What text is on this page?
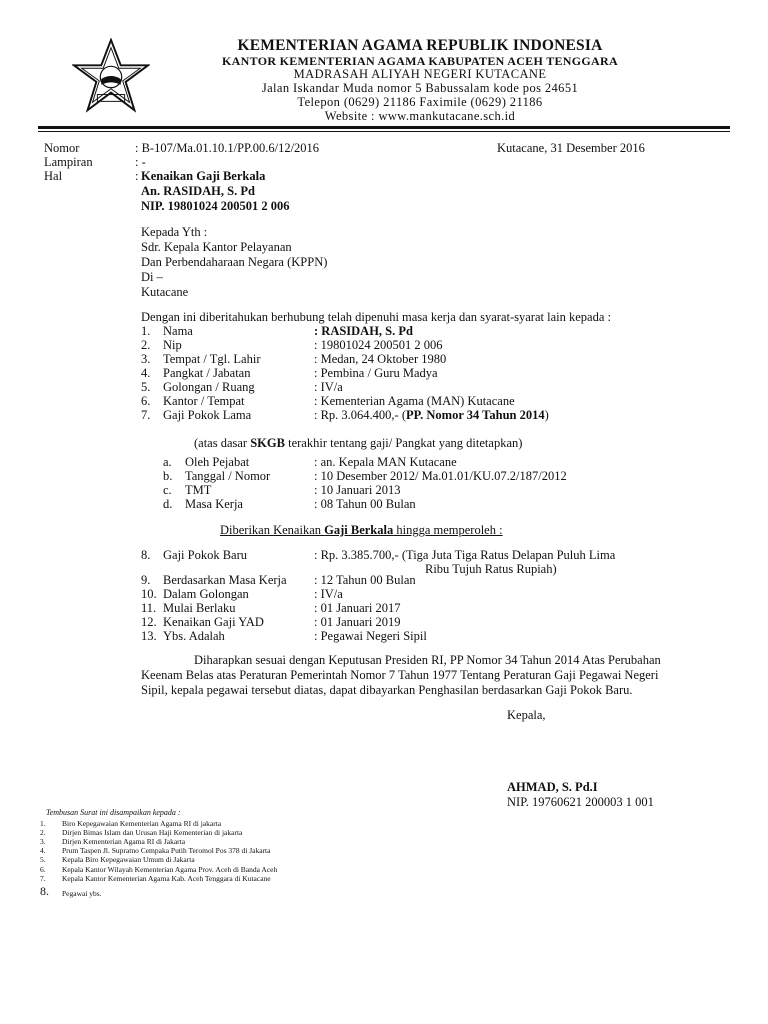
KEMENTERIAN AGAMA REPUBLIK INDONESIA
KANTOR KEMENTERIAN AGAMA KABUPATEN ACEH TENGGARA
MADRASAH ALIYAH NEGERI KUTACANE
Jalan Iskandar Muda nomor 5 Babussalam kode pos 24651
Telepon (0629) 21186 Faximile (0629) 21186
Website : www.mankutacane.sch.id
Nomor	: B-107/Ma.01.10.1/PP.00.6/12/2016	Kutacane, 31 Desember 2016
Lampiran	: -
Hal	: Kenaikan Gaji Berkala
An. RASIDAH, S. Pd
NIP. 19801024 200501 2 006
Kepada Yth :
Sdr. Kepala Kantor Pelayanan
Dan Perbendaharaan Negara (KPPN)
Di –
Kutacane
Dengan ini diberitahukan berhubung telah dipenuhi masa kerja dan syarat-syarat lain kepada :
1. Nama	: RASIDAH, S. Pd
2. Nip	: 19801024 200501 2 006
3. Tempat / Tgl. Lahir	: Medan, 24 Oktober 1980
4. Pangkat / Jabatan	: Pembina / Guru Madya
5. Golongan / Ruang	: IV/a
6. Kantor / Tempat	: Kementerian Agama (MAN) Kutacane
7. Gaji Pokok Lama	: Rp. 3.064.400,- (PP. Nomor 34 Tahun 2014)
(atas dasar SKGB terakhir tentang gaji/ Pangkat yang ditetapkan)
a. Oleh Pejabat	: an. Kepala MAN Kutacane
b. Tanggal / Nomor	: 10 Desember 2012/ Ma.01.01/KU.07.2/187/2012
c. TMT	: 10 Januari 2013
d. Masa Kerja	: 08 Tahun 00 Bulan
Diberikan Kenaikan Gaji Berkala hingga memperoleh :
8. Gaji Pokok Baru	: Rp. 3.385.700,- (Tiga Juta Tiga Ratus Delapan Puluh Lima
Ribu Tujuh Ratus Rupiah)
9. Berdasarkan Masa Kerja : 12 Tahun 00 Bulan
10. Dalam Golongan	: IV/a
11. Mulai Berlaku	: 01 Januari 2017
12. Kenaikan Gaji YAD	: 01 Januari 2019
13. Ybs. Adalah	: Pegawai Negeri Sipil
Diharapkan sesuai dengan Keputusan Presiden RI, PP Nomor 34 Tahun 2014 Atas Perubahan
Keenam Belas atas Peraturan Pemerintah Nomor 7 Tahun 1977 Tentang Peraturan Gaji Pegawai Negeri
Sipil, kepala pegawai tersebut diatas, dapat dibayarkan Penghasilan berdasarkan Gaji Pokok Baru.
Kepala,
AHMAD, S. Pd.I
NIP. 19760621 200003 1 001
Tembusan Surat ini disampaikan kepada :
1. Biro Kepegawaian Kementerian Agama RI di jakarta
2. Dirjen Bimas Islam dan Urusan Haji Kementerian di jakarta
3. Dirjen Kementerian Agama RI di Jakarta
4. Prum Taspen Jl. Supratno Cempaka Putih Teromol Pos 378 di Jakarta
5. Kepala Biro Kepegawaian Umum di Jakarta
6. Kepala Kantor Wilayah Kementerian Agama Prov. Aceh di Banda Aceh
7. Kepala Kantor Kementerian Agama Kab. Aceh Tenggara di Kutacane
8. Pegawai ybs.
